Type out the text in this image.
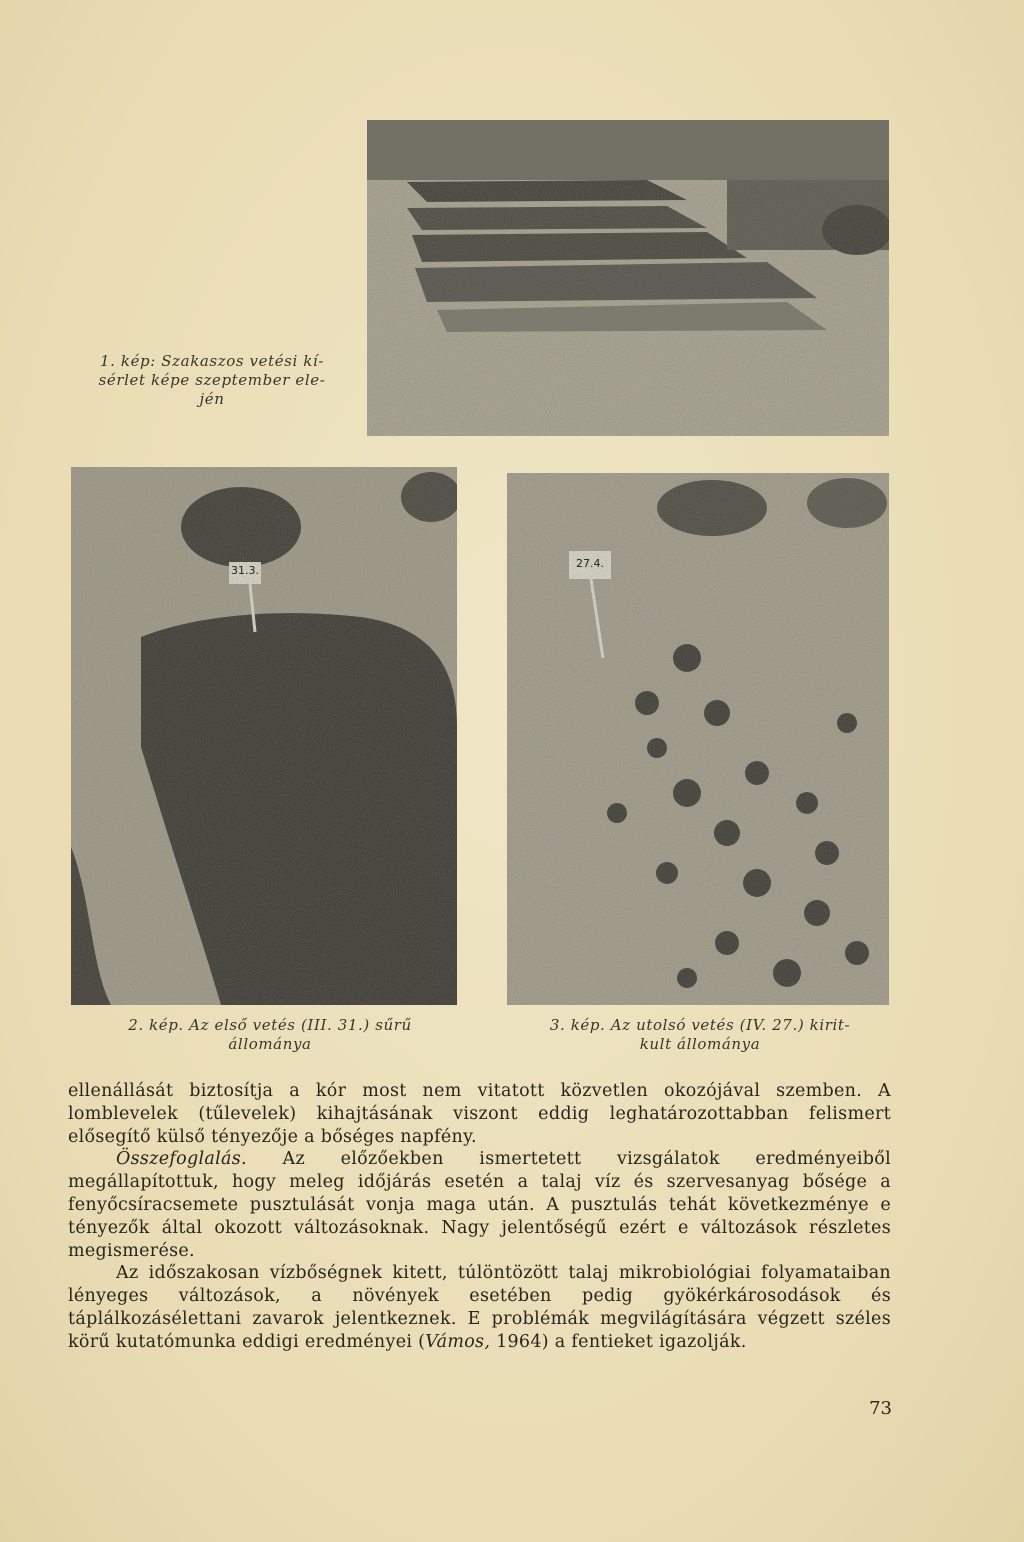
31.3.
27.4.
1. kép: Szakaszos vetési kí-
sérlet képe szeptember ele-
jén
2. kép. Az első vetés (III. 31.) sűrű
állománya
3. kép. Az utolsó vetés (IV. 27.) kirit-
kult állománya

ellenállását biztosítja a kór most nem vitatott közvetlen okozójával szemben. A lomblevelek (tűlevelek) kihajtásának viszont eddig leghatározottabban felismert elősegítő külső tényezője a bőséges napfény.

Összefoglalás. Az előzőekben ismertetett vizsgálatok eredményeiből megállapítottuk, hogy meleg időjárás esetén a talaj víz és szervesanyag bősége a fenyőcsíracsemete pusztulását vonja maga után. A pusztulás tehát következménye e tényezők által okozott változásoknak. Nagy jelentőségű ezért e változások részletes megismerése.

Az időszakosan vízbőségnek kitett, túlöntözött talaj mikrobiológiai folyamataiban lényeges változások, a növények esetében pedig gyökérkárosodások és táplálkozásélettani zavarok jelentkeznek. E problémák megvilágítására végzett széles körű kutatómunka eddigi eredményei (Vámos, 1964) a fentieket igazolják.

73
